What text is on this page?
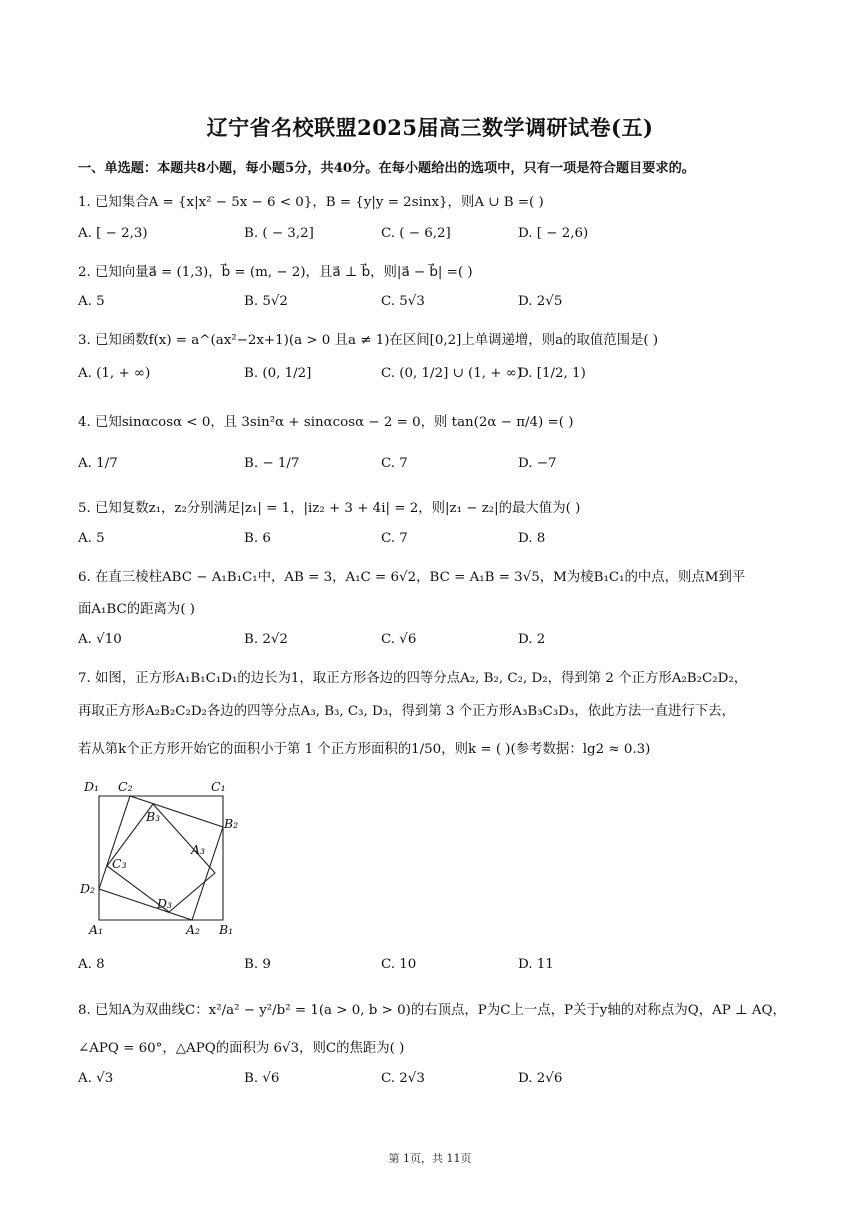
辽宁省名校联盟2025届高三数学调研试卷(五)
一、单选题：本题共8小题，每小题5分，共40分。在每小题给出的选项中，只有一项是符合题目要求的。
1. 已知集合A = {x|x² − 5x − 6 < 0}，B = {y|y = 2sinx}，则A ∪ B =( )
A. [ − 2,3)	B. ( − 3,2]	C. ( − 6,2]	D. [ − 2,6)
2. 已知向量a⃗ = (1,3)，b⃗ = (m, − 2)，且a⃗ ⊥ b⃗，则|a⃗ − b⃗| =( )
A. 5	B. 5√2	C. 5√3	D. 2√5
3. 已知函数f(x) = a^(ax²−2x+1)(a > 0 且a ≠ 1)在区间[0,2]上单调递增，则a的取值范围是( )
A. (1, + ∞)	B. (0, 1/2]	C. (0, 1/2] ∪ (1, + ∞)
D. [1/2, 1)
4. 已知sinαcosα < 0，且 3sin²α + sinαcosα − 2 = 0，则 tan(2α − π/4) =( )
A. 1/7	B. − 1/7	C. 7	D. −7
5. 已知复数z₁，z₂分别满足|z₁| = 1，|iz₂ + 3 + 4i| = 2，则|z₁ − z₂|的最大值为( )
A. 5	B. 6	C. 7	D. 8
6. 在直三棱柱ABC − A₁B₁C₁中，AB = 3，A₁C = 6√2，BC = A₁B = 3√5，M为棱B₁C₁的中点，则点M到平
面A₁BC的距离为( )
A. √10	B. 2√2	C. √6	D. 2
7. 如图，正方形A₁B₁C₁D₁的边长为1，取正方形各边的四等分点A₂, B₂, C₂, D₂，得到第 2 个正方形A₂B₂C₂D₂，
再取正方形A₂B₂C₂D₂各边的四等分点A₃, B₃, C₃, D₃，得到第 3 个正方形A₃B₃C₃D₃，依此方法一直进行下去，
若从第k个正方形开始它的面积小于第 1 个正方形面积的1/50，则k = ( )(参考数据：lg2 ≈ 0.3)
D₁ C₂	C₁
B₃	B₂
A₃
C₃
D₂
D₃
A₁	A₂ B₁
A. 8	B. 9	C. 10	D. 11
8. 已知A为双曲线C：x²/a² − y²/b² = 1(a > 0, b > 0)的右顶点，P为C上一点，P关于y轴的对称点为Q，AP ⊥ AQ，
∠APQ = 60°，△APQ的面积为 6√3，则C的焦距为( )
A. √3	B. √6	C. 2√3	D. 2√6
第 1页，共 11页
